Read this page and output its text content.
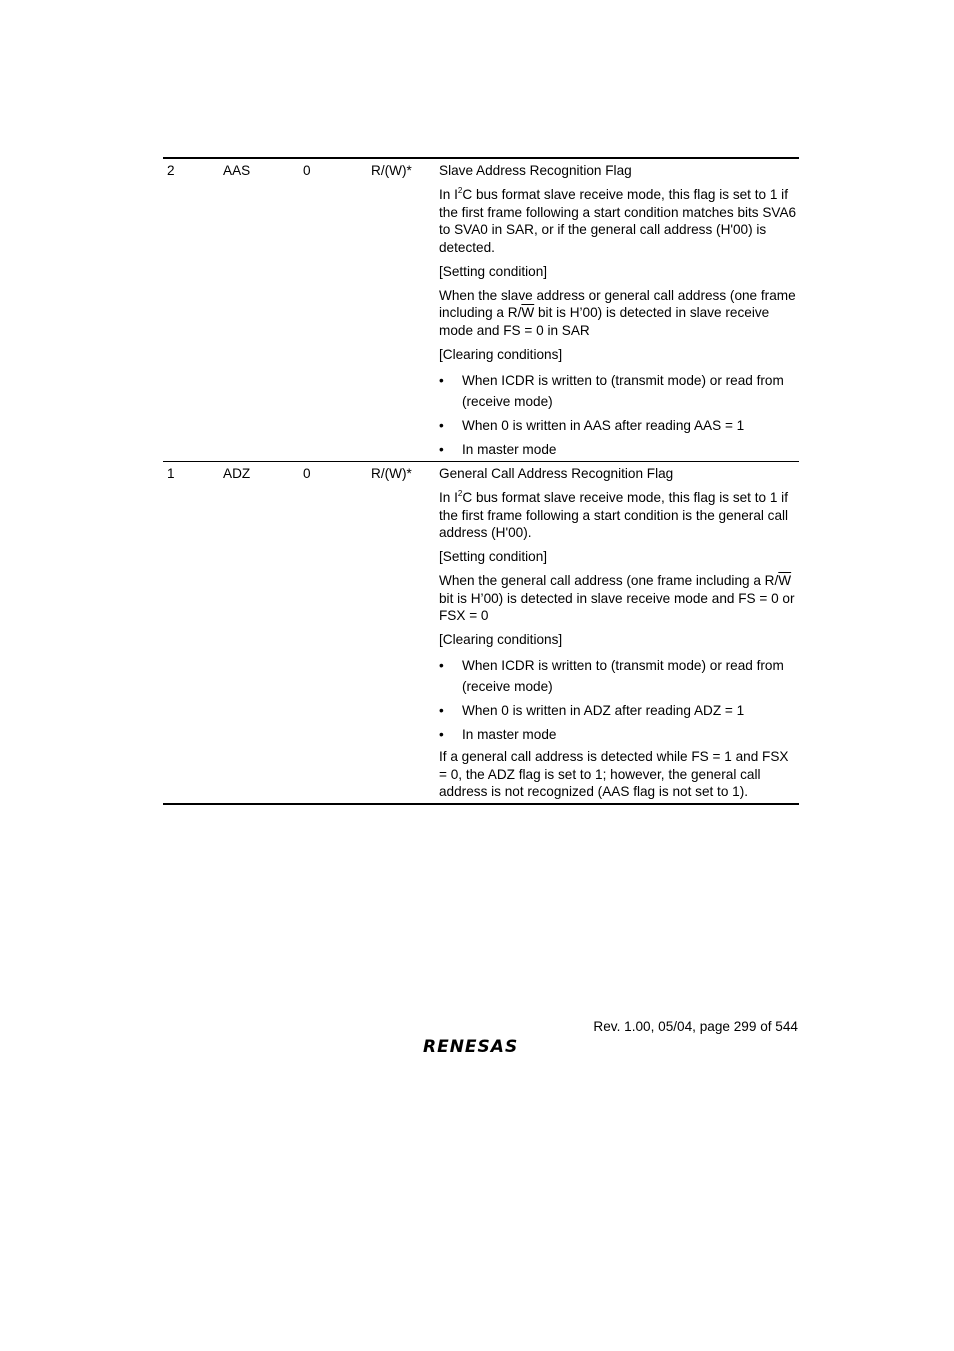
2	AAS	0	R/(W)* Slave Address Recognition Flag
In $I^2C$ bus format slave receive mode, this flag is set to 1 if the first frame following a start condition matches bits SVA6 to SVA0 in SAR, or if the general call address (H'00) is detected.
[Setting condition]
When the slave address or general call address (one frame including a $R/\overline{W}$ bit is H’00) is detected in slave receive mode and FS = 0 in SAR
[Clearing conditions]
• When ICDR is written to (transmit mode) or read from (receive mode)
• When 0 is written in AAS after reading AAS = 1
• In master mode
1	ADZ	0	R/(W)* General Call Address Recognition Flag
In $I^2C$ bus format slave receive mode, this flag is set to 1 if the first frame following a start condition is the general call address (H'00).
[Setting condition]
When the general call address (one frame including a $R/\overline{W}$ bit is H’00) is detected in slave receive mode and FS = 0 or FSX = 0
[Clearing conditions]
• When ICDR is written to (transmit mode) or read from (receive mode)
• When 0 is written in ADZ after reading ADZ = 1
• In master mode
If a general call address is detected while FS = 1 and FSX = 0, the ADZ flag is set to 1; however, the general call address is not recognized (AAS flag is not set to 1).
Rev. 1.00, 05/04, page 299 of 544
RENESAS
